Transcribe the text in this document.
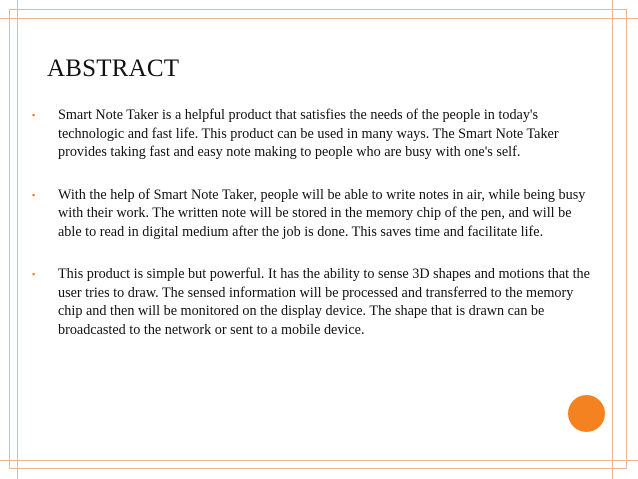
ABSTRACT
▪ Smart Note Taker is a helpful product that satisfies the needs of the people in today's technologic and fast life. This product can be used in many ways. The Smart Note Taker provides taking fast and easy note making to people who are busy with one's self.
▪ With the help of Smart Note Taker, people will be able to write notes in air, while being busy with their work. The written note will be stored in the memory chip of the pen, and will be able to read in digital medium after the job is done. This saves time and facilitate life.
▪ This product is simple but powerful. It has the ability to sense 3D shapes and motions that the user tries to draw. The sensed information will be processed and transferred to the memory chip and then will be monitored on the display device. The shape that is drawn can be broadcasted to the network or sent to a mobile device.
